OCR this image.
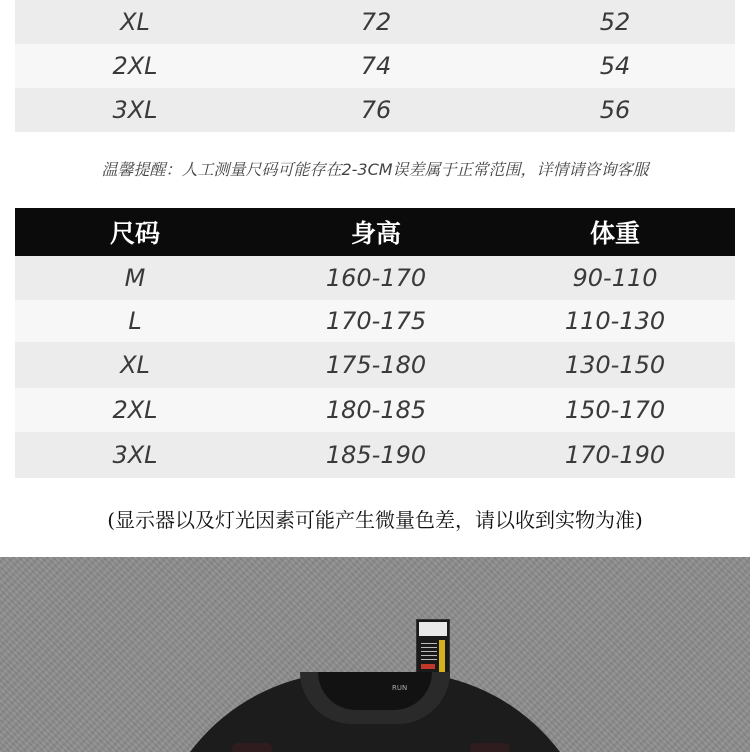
XL	72	52
2XL	74	54
3XL	76	56
温馨提醒：人工测量尺码可能存在2-3CM误差属于正常范围，详情请咨询客服
尺码	身高	体重
M	160-170	90-110
L	170-175	110-130
XL	175-180	130-150
2XL	180-185	150-170
3XL	185-190	170-190
(显示器以及灯光因素可能产生微量色差，请以收到实物为准)
RUN
